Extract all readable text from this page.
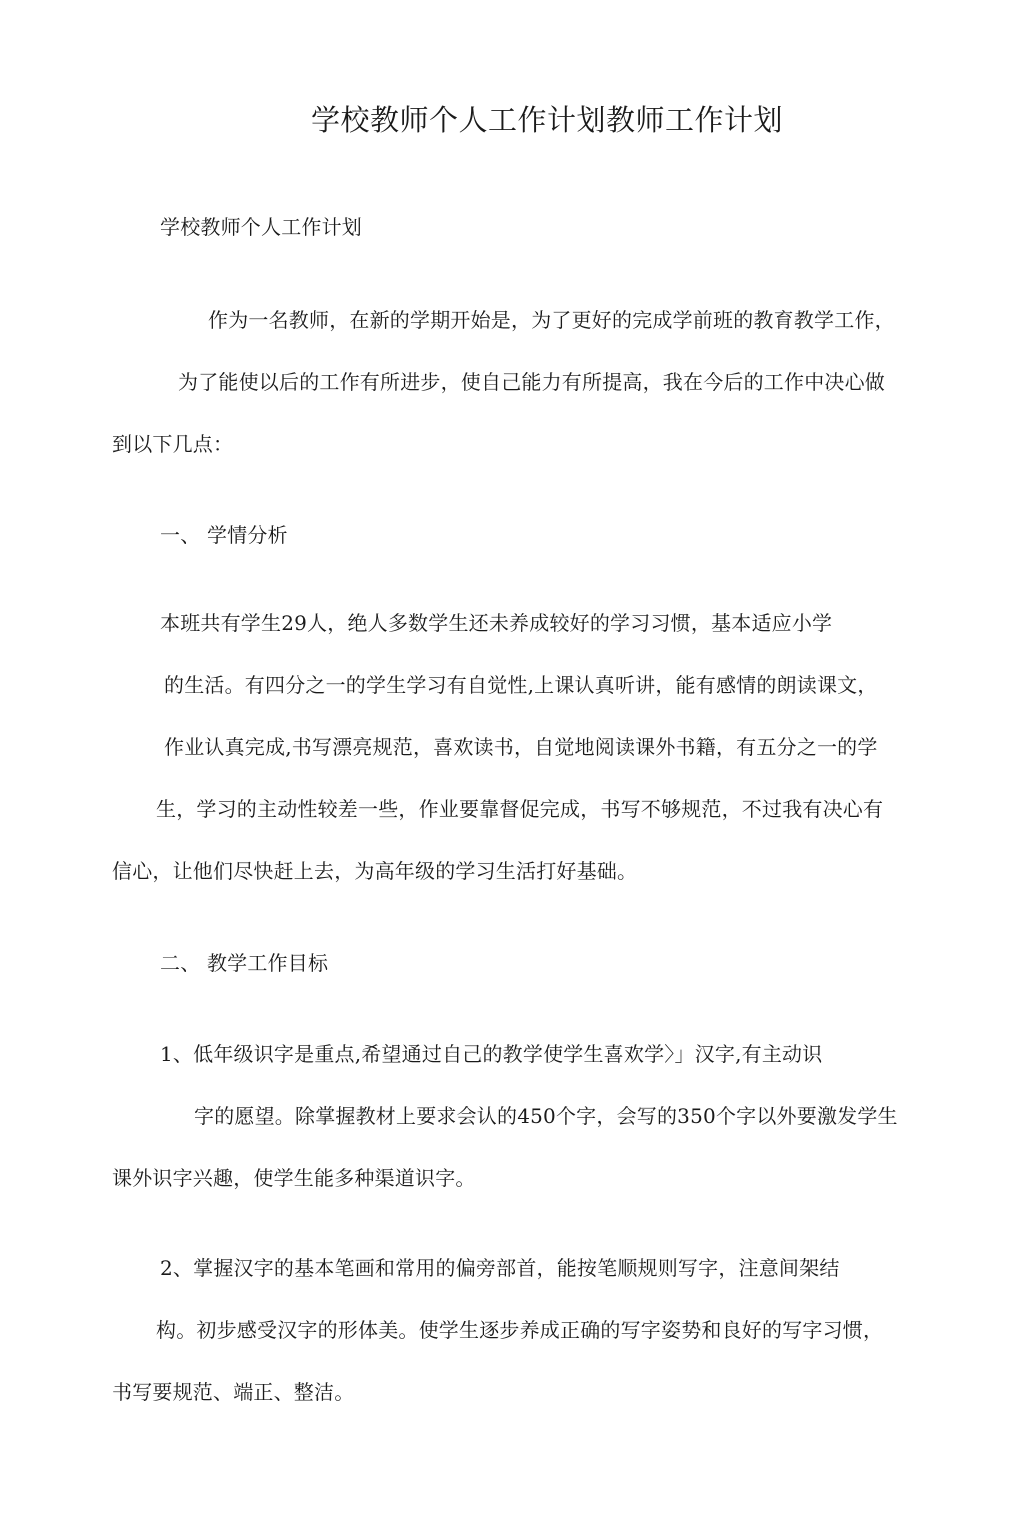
学校教师个人工作计划教师工作计划
学校教师个人工作计划
作为一名教师，在新的学期开始是，为了更好的完成学前班的教育教学工作，
为了能使以后的工作有所进步，使自己能力有所提高，我在今后的工作中决心做
到以下几点：
一、 学情分析
本班共有学生29人，绝人多数学生还未养成较好的学习习惯，基本适应小学
的生活。有四分之一的学生学习有自觉性,上课认真听讲，能有感情的朗读课文，
作业认真完成,书写漂亮规范，喜欢读书，自觉地阅读课外书籍，有五分之一的学
生，学习的主动性较差一些，作业要靠督促完成，书写不够规范，不过我有决心有
信心，让他们尽快赶上去，为高年级的学习生活打好基础。
二、 教学工作目标
1、低年级识字是重点,希望通过自己的教学使学生喜欢学〉」汉字,有主动识
字的愿望。除掌握教材上要求会认的450个字，会写的350个字以外要激发学生
课外识字兴趣，使学生能多种渠道识字。
2、掌握汉字的基本笔画和常用的偏旁部首，能按笔顺规则写字，注意间架结
构。初步感受汉字的形体美。使学生逐步养成正确的写字姿势和良好的写字习惯，
书写要规范、端正、整洁。
